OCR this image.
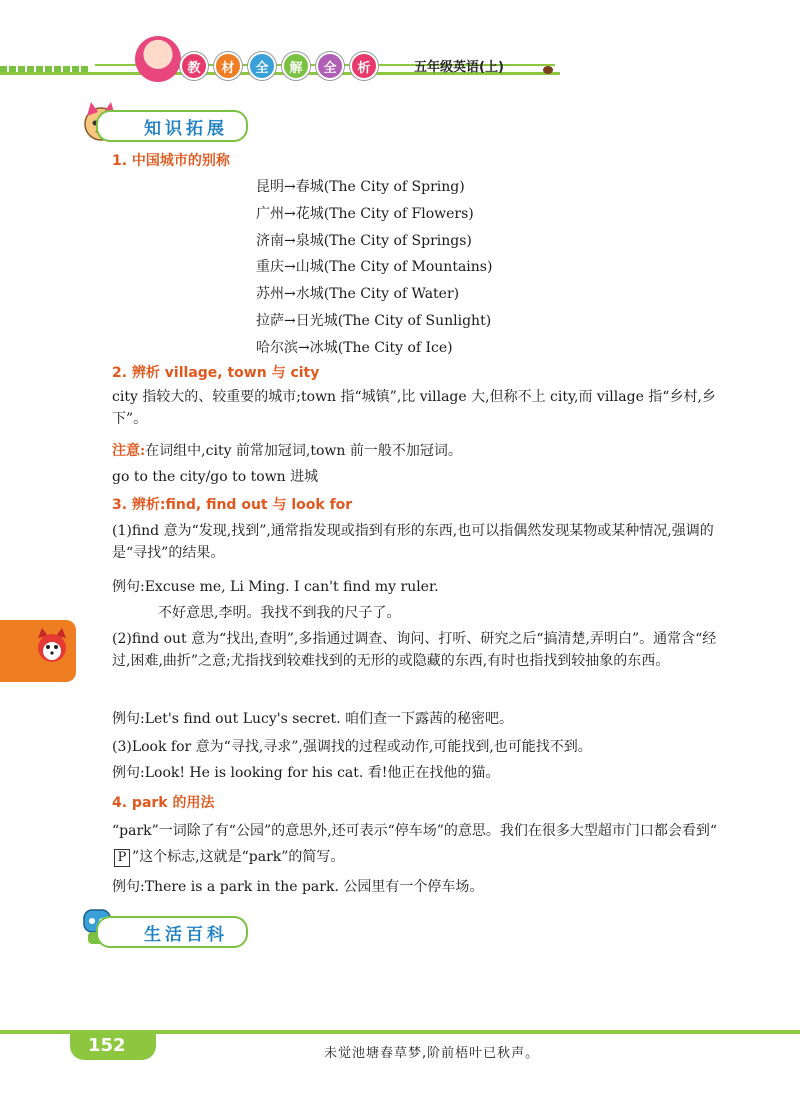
教	材	全	解	全	析	五年级英语(上)
知识拓展
1. 中国城市的别称
昆明→春城(The City of Spring)
广州→花城(The City of Flowers)
济南→泉城(The City of Springs)
重庆→山城(The City of Mountains)
苏州→水城(The City of Water)
拉萨→日光城(The City of Sunlight)
哈尔滨→冰城(The City of Ice)
2. 辨析 village, town 与 city
city 指较大的、较重要的城市;town 指“城镇”,比 village 大,但称不上 city,而 village 指“乡村,乡下”。
注意:在词组中,city 前常加冠词,town 前一般不加冠词。
go to the city/go to town 进城
3. 辨析:find, find out 与 look for
(1)find 意为“发现,找到”,通常指发现或指到有形的东西,也可以指偶然发现某物或某种情况,强调的是“寻找”的结果。
例句:Excuse me, Li Ming. I can't find my ruler.
不好意思,李明。我找不到我的尺子了。
(2)find out 意为“找出,查明”,多指通过调查、询问、打听、研究之后“搞清楚,弄明白”。通常含“经过,困难,曲折”之意;尤指找到较难找到的无形的或隐藏的东西,有时也指找到较抽象的东西。
例句:Let's find out Lucy's secret. 咱们查一下露茜的秘密吧。
(3)Look for 意为“寻找,寻求”,强调找的过程或动作,可能找到,也可能找不到。
例句:Look! He is looking for his cat. 看!他正在找他的猫。
4. park 的用法
“park”一词除了有“公园”的意思外,还可表示“停车场”的意思。我们在很多大型超市门口都会看到“P ”这个标志,这就是“park”的简写。
例句:There is a park in the park. 公园里有一个停车场。
生活百科
152	未觉池塘春草梦,阶前梧叶已秋声。
